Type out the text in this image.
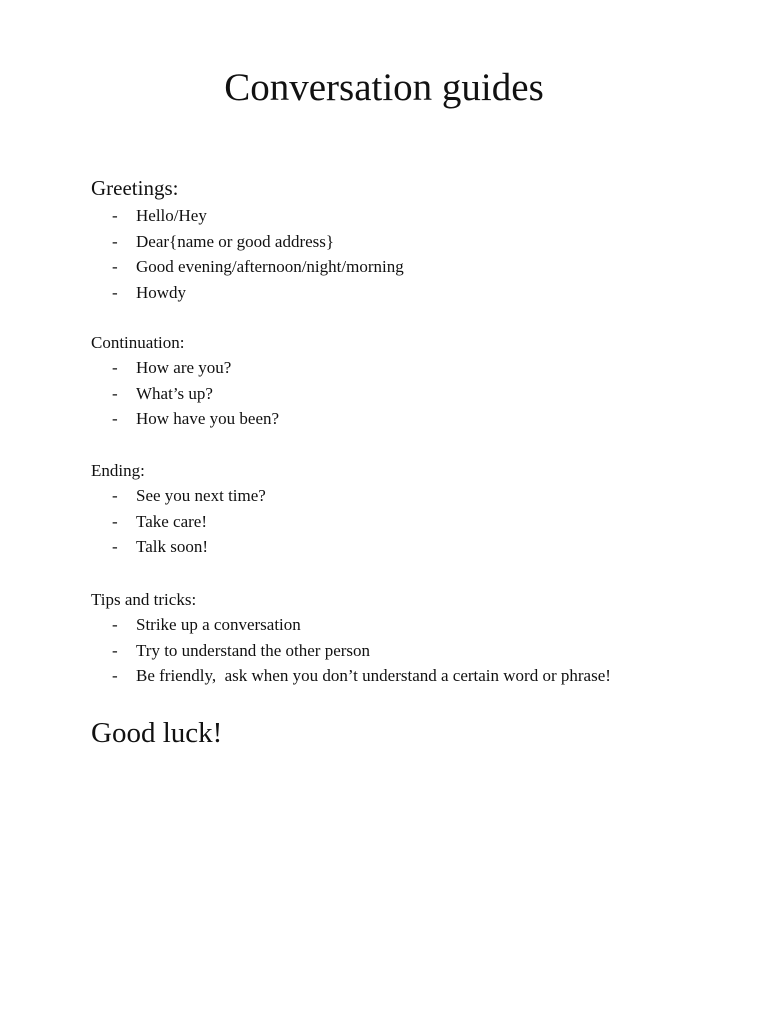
Conversation guides
Greetings:
- Hello/Hey
- Dear{name or good address}
- Good evening/afternoon/night/morning
- Howdy
Continuation:
- How are you?
- What’s up?
- How have you been?
Ending:
- See you next time?
- Take care!
- Talk soon!
Tips and tricks:
- Strike up a conversation
- Try to understand the other person
- Be friendly,  ask when you don’t understand a certain word or phrase!
Good luck!
